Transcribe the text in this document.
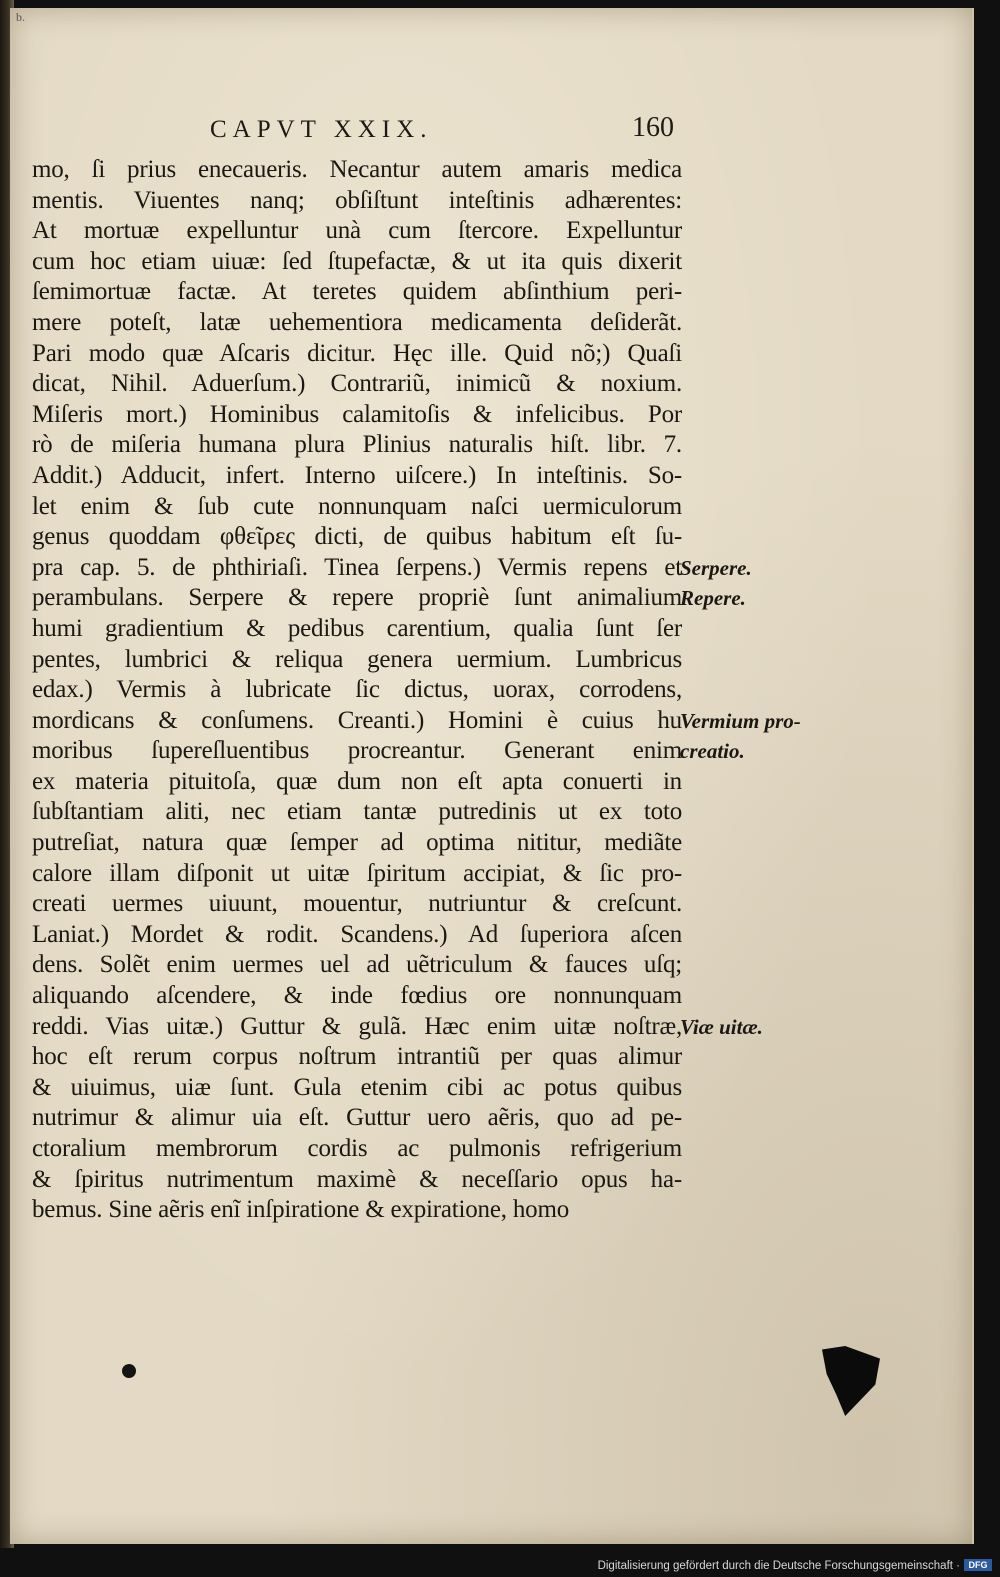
b.
CAPVT XXIX.	160
mo, ſi prius enecaueris. Necantur autem amaris medica
mentis. Viuentes nanq; obſiſtunt inteſtinis adhærentes:
At mortuæ expelluntur unà cum ſtercore. Expelluntur
cum hoc etiam uiuæ: ſed ſtupefactæ, & ut ita quis dixerit
ſemimortuæ factæ. At teretes quidem abſinthium peri-
mere poteſt, latæ uehementiora medicamenta deſiderãt.
Pari modo quæ Aſcaris dicitur. Hęc ille. Quid nõ;) Quaſi
dicat, Nihil. Aduerſum.) Contrariũ, inimicũ & noxium.
Miſeris mort.) Hominibus calamitoſis & infelicibus. Por
rò de miſeria humana plura Plinius naturalis hiſt. libr. 7.
Addit.) Adducit, infert. Interno uiſcere.) In inteſtinis. So-
let enim & ſub cute nonnunquam naſci uermiculorum
genus quoddam φθεῖρες dicti, de quibus habitum eſt ſu-
pra cap. 5. de phthiriaſi. Tinea ſerpens.) Vermis repens et
perambulans. Serpere & repere propriè ſunt animalium
humi gradientium & pedibus carentium, qualia ſunt ſer
pentes, lumbrici & reliqua genera uermium. Lumbricus
edax.) Vermis à lubricate ſic dictus, uorax, corrodens,
mordicans & conſumens. Creanti.) Homini è cuius hu
moribus ſupereſluentibus procreantur. Generant enim
ex materia pituitoſa, quæ dum non eſt apta conuerti in
ſubſtantiam aliti, nec etiam tantæ putredinis ut ex toto
putreſiat, natura quæ ſemper ad optima nititur, mediãte
calore illam diſponit ut uitæ ſpiritum accipiat, & ſic pro-
creati uermes uiuunt, mouentur, nutriuntur & creſcunt.
Laniat.) Mordet & rodit. Scandens.) Ad ſuperiora aſcen
dens. Solẽt enim uermes uel ad uẽtriculum & fauces uſq;
aliquando aſcendere, & inde fœdius ore nonnunquam
reddi. Vias uitæ.) Guttur & gulã. Hæc enim uitæ noſtræ,
hoc eſt rerum corpus noſtrum intrantiũ per quas alimur
& uiuimus, uiæ ſunt. Gula etenim cibi ac potus quibus
nutrimur & alimur uia eſt. Guttur uero aẽris, quo ad pe-
ctoralium membrorum cordis ac pulmonis refrigerium
& ſpiritus nutrimentum maximè & neceſſario opus ha-
bemus. Sine aẽris enĩ inſpiratione & expiratione, homo
Serpere.
Repere.
Vermium pro-
creatio.
Viæ uitæ.
Digitalisierung gefördert durch die Deutsche Forschungsgemeinschaft · DFG
